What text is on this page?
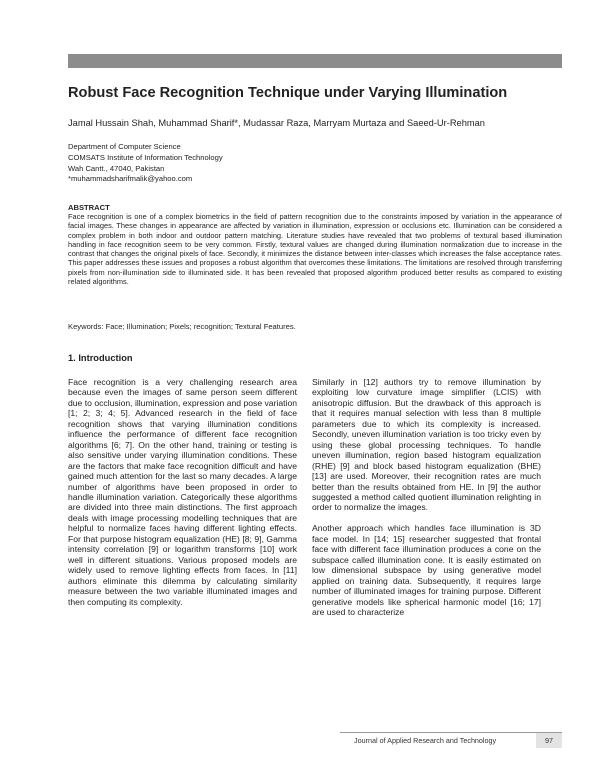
Robust Face Recognition Technique under Varying Illumination
Jamal Hussain Shah, Muhammad Sharif*, Mudassar Raza, Marryam Murtaza and Saeed-Ur-Rehman
Department of Computer Science
COMSATS Institute of Information Technology
Wah Cantt., 47040, Pakistan
*muhammadsharifmalik@yahoo.com
ABSTRACT
Face recognition is one of a complex biometrics in the field of pattern recognition due to the constraints imposed by variation in the appearance of facial images. These changes in appearance are affected by variation in illumination, expression or occlusions etc. Illumination can be considered a complex problem in both indoor and outdoor pattern matching. Literature studies have revealed that two problems of textural based illumination handling in face recognition seem to be very common. Firstly, textural values are changed during illumination normalization due to increase in the contrast that changes the original pixels of face. Secondly, it minimizes the distance between inter-classes which increases the false acceptance rates. This paper addresses these issues and proposes a robust algorithm that overcomes these limitations. The limitations are resolved through transferring pixels from non-illumination side to illuminated side. It has been revealed that proposed algorithm produced better results as compared to existing related algorithms.
Keywords: Face; Illumination; Pixels; recognition; Textural Features.
1. Introduction

Face recognition is a very challenging research area because even the images of same person seem different due to occlusion, illumination, expression and pose variation [1; 2; 3; 4; 5]. Advanced research in the field of face recognition shows that varying illumination conditions influence the performance of different face recognition algorithms [6; 7]. On the other hand, training or testing is also sensitive under varying illumination conditions. These are the factors that make face recognition difficult and have gained much attention for the last so many decades. A large number of algorithms have been proposed in order to handle illumination variation. Categorically these algorithms are divided into three main distinctions. The first approach deals with image processing modelling techniques that are helpful to normalize faces having different lighting effects. For that purpose histogram equalization (HE) [8; 9], Gamma intensity correlation [9] or logarithm transforms [10] work well in different situations. Various proposed models are widely used to remove lighting effects from faces. In [11] authors eliminate this dilemma by calculating similarity measure between the two variable illuminated images and then computing its complexity.

Similarly in [12] authors try to remove illumination by exploiting low curvature image simplifier (LCIS) with anisotropic diffusion. But the drawback of this approach is that it requires manual selection with less than 8 multiple parameters due to which its complexity is increased. Secondly, uneven illumination variation is too tricky even by using these global processing techniques. To handle uneven illumination, region based histogram equalization (RHE) [9] and block based histogram equalization (BHE) [13] are used. Moreover, their recognition rates are much better than the results obtained from HE. In [9] the author suggested a method called quotient illumination relighting in order to normalize the images.

Another approach which handles face illumination is 3D face model. In [14; 15] researcher suggested that frontal face with different face illumination produces a cone on the subspace called illumination cone. It is easily estimated on low dimensional subspace by using generative model applied on training data. Subsequently, it requires large number of illuminated images for training purpose. Different generative models like spherical harmonic model [16; 17] are used to characterize

Journal of Applied Research and Technology	97
